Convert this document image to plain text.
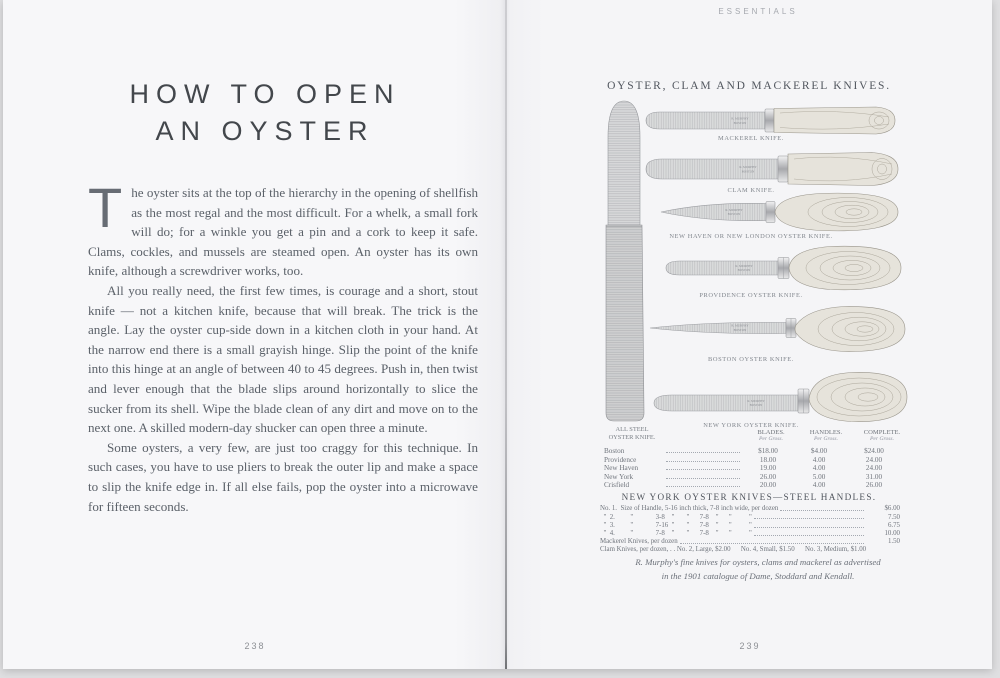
HOW TO OPEN
AN OYSTER

The oyster sits at the top of the hierarchy in the opening of shellfish as the most regal and the most difficult. For a whelk, a small fork will do; for a winkle you get a pin and a cork to keep it safe. Clams, cockles, and mussels are steamed open. An oyster has its own knife, although a screwdriver works, too.

All you really need, the first few times, is courage and a short, stout knife — not a kitchen knife, because that will break. The trick is the angle. Lay the oyster cup-side down in a kitchen cloth in your hand. At the narrow end there is a small grayish hinge. Slip the point of the knife into this hinge at an angle of between 40 to 45 degrees. Push in, then twist and lever enough that the blade slips around horizontally to slice the sucker from its shell. Wipe the blade clean of any dirt and move on to the next one. A skilled modern-day shucker can open three a minute.

Some oysters, a very few, are just too craggy for this technique. In such cases, you have to use pliers to break the outer lip and make a space to slip the knife edge in. If all else fails, pop the oyster into a microwave for fifteen seconds.

238
ESSENTIALS
OYSTER, CLAM AND MACKEREL KNIVES.
R. MURPHY
BOSTON
R. MURPHY
BOSTON
R. MURPHY
BOSTON
R. MURPHY
BOSTON
R. MURPHY
BOSTON
R. MURPHY
BOSTON
MACKEREL KNIFE.
CLAM KNIFE.
NEW HAVEN OR NEW LONDON OYSTER KNIFE.
PROVIDENCE OYSTER KNIFE.
BOSTON OYSTER KNIFE.
NEW YORK OYSTER KNIFE.
ALL STEEL
OYSTER KNIFE.
BLADES.
Per Gross.
HANDLES.
Per Gross.
COMPLETE.
Per Gross.
Boston	$18.00	$4.00	$24.00
Providence	18.00	4.00	24.00
New Haven	19.00	4.00	24.00
New York	26.00	5.00	31.00
Crisfield	20.00	4.00	26.00
NEW YORK OYSTER KNIVES—STEEL HANDLES.
No. 1.  Size of Handle, 5-16 inch thick, 7-8 inch wide, per dozen	$6.00
"  2.         "             3-8    "       "      7-8    "      "          "	7.50
"  3.         "             7-16  "       "      7-8    "      "          "	6.75
"  4.         "             7-8    "       "      7-8    "      "          "	10.00
Mackerel Knives, per dozen	1.50
Clam Knives, per dozen, . . No. 2, Large, $2.00      No. 4, Small, $1.50      No. 3, Medium, $1.00
R. Murphy's fine knives for oysters, clams and mackerel as advertised
in the 1901 catalogue of Dame, Stoddard and Kendall.
239
